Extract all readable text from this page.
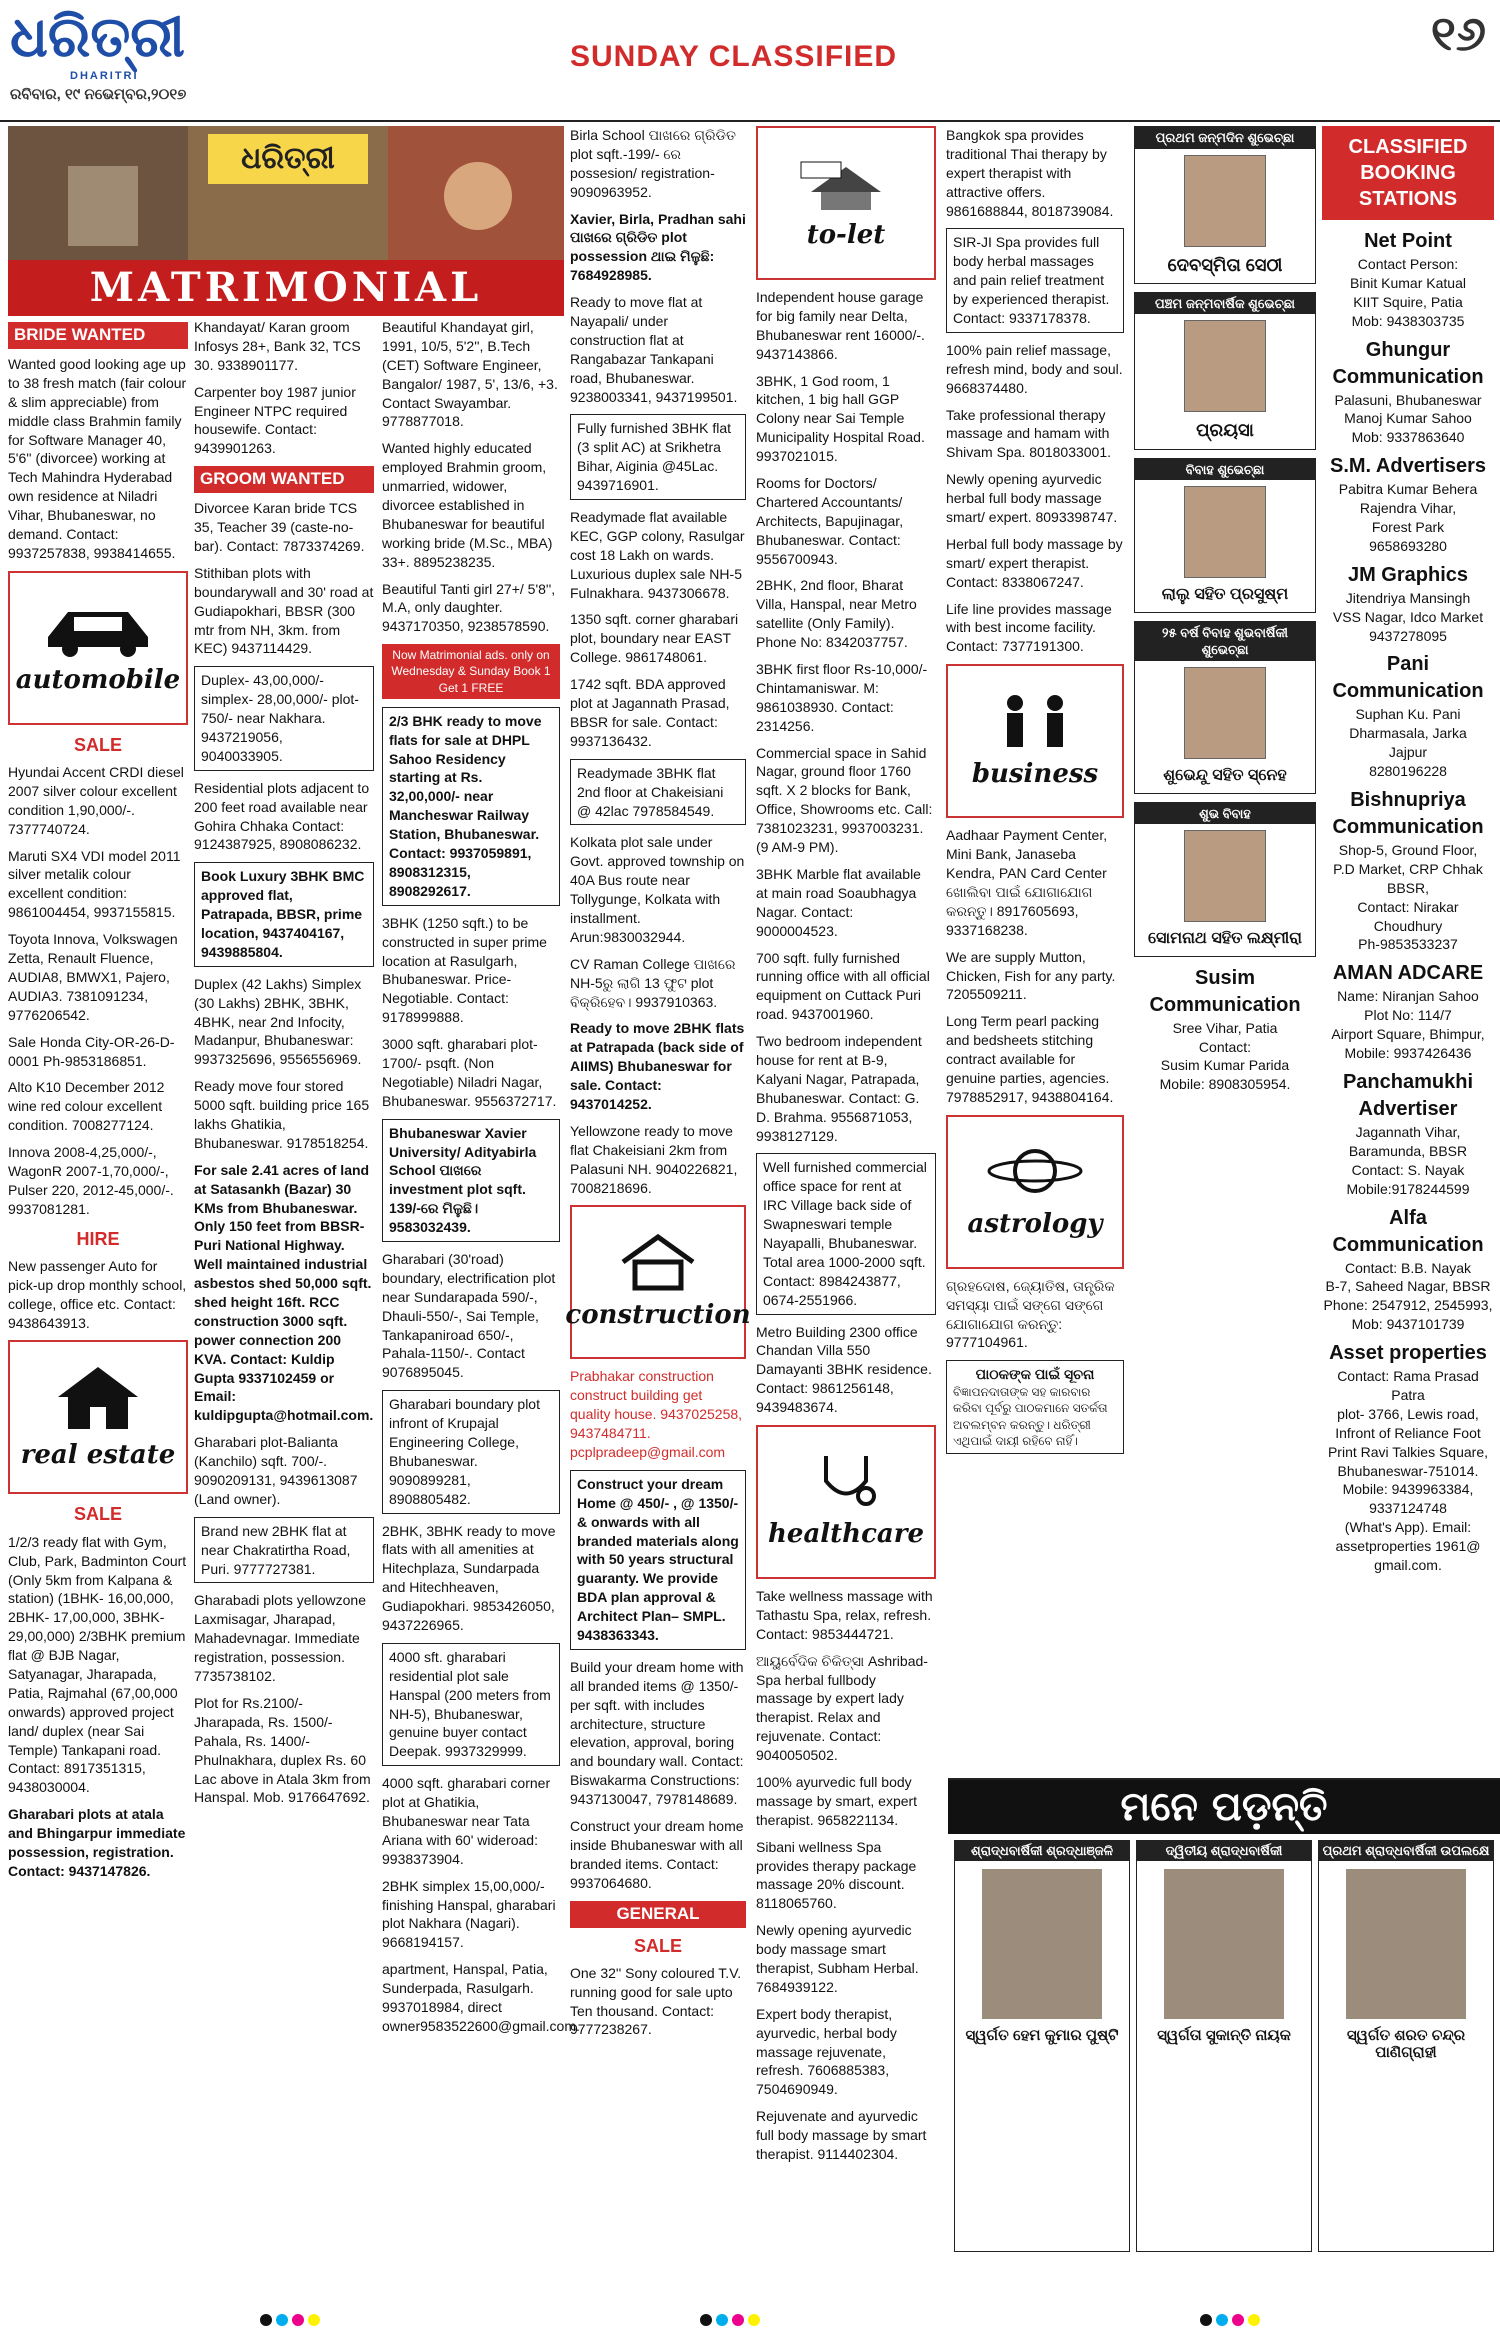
ଧରିତ୍ରୀ
DHARITRI
ରବିବାର, ୧୯ ନଭେମ୍ବର,୨୦୧୭
SUNDAY CLASSIFIED	୧୬
ଧରିତ୍ରୀ
MATRIMONIAL
BRIDE WANTED

Wanted good looking age up to 38 fresh match (fair colour & slim appreciable) from middle class Brahmin family for Software Manager 40, 5'6'' (divorcee) working at Tech Mahindra Hyderabad own residence at Niladri Vihar, Bhubaneswar, no demand. Contact: 9937257838, 9938414655.

automobile
SALE

Hyundai Accent CRDI diesel 2007 silver colour excellent condition 1,90,000/-. 7377740724.

Maruti SX4 VDI model 2011 silver metalik colour excellent condition: 9861004454, 9937155815.

Toyota Innova, Volkswagen Zetta, Renault Fluence, AUDIA8, BMWX1, Pajero, AUDIA3. 7381091234, 9776206542.

Sale Honda City-OR-26-D-0001 Ph-9853186851.

Alto K10 December 2012 wine red colour excellent condition. 7008277124.

Innova 2008-4,25,000/-, WagonR 2007-1,70,000/-, Pulser 220, 2012-45,000/-. 9937081281.

HIRE

New passenger Auto for pick-up drop monthly school, college, office etc. Contact: 9438643913.

real estate
SALE

1/2/3 ready flat with Gym, Club, Park, Badminton Court (Only 5km from Kalpana & station) (1BHK- 16,00,000, 2BHK- 17,00,000, 3BHK- 29,00,000) 2/3BHK premium flat @ BJB Nagar, Satyanagar, Jharapada, Patia, Rajmahal (67,00,000 onwards) approved project land/ duplex (near Sai Temple) Tankapani road. Contact: 8917351315, 9438030004.

Gharabari plots at atala and Bhingarpur immediate possession, registration. Contact: 9437147826.

Khandayat/ Karan groom Infosys 28+, Bank 32, TCS 30. 9338901177.

Carpenter boy 1987 junior Engineer NTPC required housewife. Contact: 9439901263.

GROOM WANTED

Divorcee Karan bride TCS 35, Teacher 39 (caste-no-bar). Contact: 7873374269.

Stithiban plots with boundarywall and 30' road at Gudiapokhari, BBSR (300 mtr from NH, 3km. from KEC) 9437114429.

Duplex- 43,00,000/- simplex- 28,00,000/- plot-750/- near Nakhara. 9437219056, 9040033905.

Residential plots adjacent to 200 feet road available near Gohira Chhaka Contact: 9124387925, 8908086232.

Book Luxury 3BHK BMC approved flat, Patrapada, BBSR, prime location, 9437404167, 9439885804.

Duplex (42 Lakhs) Simplex (30 Lakhs) 2BHK, 3BHK, 4BHK, near 2nd Infocity, Madanpur, Bhubaneswar: 9937325696, 9556556969.

Ready move four stored 5000 sqft. building price 165 lakhs Ghatikia, Bhubaneswar. 9178518254.

For sale 2.41 acres of land at Satasankh (Bazar) 30 KMs from Bhubaneswar. Only 150 feet from BBSR-Puri National Highway. Well maintained industrial asbestos shed 50,000 sqft. shed height 16ft. RCC construction 3000 sqft. power connection 200 KVA. Contact: Kuldip Gupta 9337102459 or Email: kuldipgupta@hotmail.com.

Gharabari plot-Balianta (Kanchilo) sqft. 700/-. 9090209131, 9439613087 (Land owner).

Brand new 2BHK flat at near Chakratirtha Road, Puri. 9777727381.

Gharabadi plots yellowzone Laxmisagar, Jharapad, Mahadevnagar. Immediate registration, possession. 7735738102.

Plot for Rs.2100/- Jharapada, Rs. 1500/- Pahala, Rs. 1400/- Phulnakhara, duplex Rs. 60 Lac above in Atala 3km from Hanspal. Mob. 9176647692.

Beautiful Khandayat girl, 1991, 10/5, 5'2'', B.Tech (CET) Software Engineer, Bangalor/ 1987, 5', 13/6, +3. Contact Swayambar. 9778877018.

Wanted highly educated employed Brahmin groom, unmarried, widower, divorcee established in Bhubaneswar for beautiful working bride (M.Sc., MBA) 33+. 8895238235.

Beautiful Tanti girl 27+/ 5'8'', M.A, only daughter. 9437170350, 9238578590.

Now Matrimonial ads. only on Wednesday & Sunday Book 1 Get 1 FREE
2/3 BHK ready to move flats for sale at DHPL Sahoo Residency starting at Rs. 32,00,000/- near Mancheswar Railway Station, Bhubaneswar. Contact: 9937059891, 8908312315, 8908292617.

3BHK (1250 sqft.) to be constructed in super prime location at Rasulgarh, Bhubaneswar. Price-Negotiable. Contact: 9178999888.

3000 sqft. gharabari plot- 1700/- psqft. (Non Negotiable) Niladri Nagar, Bhubaneswar. 9556372717.

Bhubaneswar Xavier University/ Adityabirla School ପାଖରେ investment plot sqft. 139/-ରେ ମିଳୁଛି। 9583032439.

Gharabari (30'road) boundary, electrification plot near Sundarapada 590/-, Dhauli-550/-, Sai Temple, Tankapaniroad 650/-, Pahala-1150/-. Contact 9076895045.

Gharabari boundary plot infront of Krupajal Engineering College, Bhubaneswar. 9090899281, 8908805482.

2BHK, 3BHK ready to move flats with all amenities at Hitechplaza, Sundarpada and Hitechheaven, Gudiapokhari. 9853426050, 9437226965.

4000 sft. gharabari residential plot sale Hanspal (200 meters from NH-5), Bhubaneswar, genuine buyer contact Deepak. 9937329999.

4000 sqft. gharabari corner plot at Ghatikia, Bhubaneswar near Tata Ariana with 60' wideroad: 9938373904.

2BHK simplex 15,00,000/- finishing Hanspal, gharabari plot Nakhara (Nagari). 9668194157.

apartment, Hanspal, Patia, Sunderpada, Rasulgarh. 9937018984, direct owner9583522600@gmail.com.

Birla School ପାଖରେ ଗ୍ରିଡିତ plot sqft.-199/- ରେ possesion/ registration- 9090963952.

Xavier, Birla, Pradhan sahi ପାଖରେ ଗ୍ରିଡିତ plot possession ଥାଇ ମିଳୁଛି: 7684928985.

Ready to move flat at Nayapali/ under construction flat at Rangabazar Tankapani road, Bhubaneswar. 9238003341, 9437199501.

Fully furnished 3BHK flat (3 split AC) at Srikhetra Bihar, Aiginia @45Lac. 9439716901.

Readymade flat available KEC, GGP colony, Rasulgar cost 18 Lakh on wards. Luxurious duplex sale NH-5 Fulnakhara. 9437306678.

1350 sqft. corner gharabari plot, boundary near EAST College. 9861748061.

1742 sqft. BDA approved plot at Jagannath Prasad, BBSR for sale. Contact: 9937136432.

Readymade 3BHK flat 2nd floor at Chakeisiani @ 42lac 7978584549.

Kolkata plot sale under Govt. approved township on 40A Bus route near Tollygunge, Kolkata with installment. Arun:9830032944.

CV Raman College ପାଖରେ NH-5ରୁ ଲାଗି 13 ଫୁଟ plot ବିକ୍ରିହେବ। 9937910363.

Ready to move 2BHK flats at Patrapada (back side of AIIMS) Bhubaneswar for sale. Contact: 9437014252.

Yellowzone ready to move flat Chakeisiani 2km from Palasuni NH. 9040226821, 7008218696.

construction

Prabhakar construction construct building get quality house. 9437025258, 9437484711. pcplpradeep@gmail.com

Construct your dream Home @ 450/- , @ 1350/- & onwards with all branded materials along with 50 years structural guaranty. We provide BDA plan approval & Architect Plan– SMPL. 9438363343.

Build your dream home with all branded items @ 1350/- per sqft. with includes architecture, structure elevation, approval, boring and boundary wall. Contact: Biswakarma Constructions: 9437130047, 7978148689.

Construct your dream home inside Bhubaneswar with all branded items. Contact: 9937064680.

GENERAL
SALE

One 32'' Sony coloured T.V. running good for sale upto Ten thousand. Contact: 9777238267.

to-let

Independent house garage for big family near Delta, Bhubaneswar rent 16000/-. 9437143866.

3BHK, 1 God room, 1 kitchen, 1 big hall GGP Colony near Sai Temple Municipality Hospital Road. 9937021015.

Rooms for Doctors/ Chartered Accountants/ Architects, Bapujinagar, Bhubaneswar. Contact: 9556700943.

2BHK, 2nd floor, Bharat Villa, Hanspal, near Metro satellite (Only Family). Phone No: 8342037757.

3BHK first floor Rs-10,000/- Chintamaniswar. M: 9861038930. Contact: 2314256.

Commercial space in Sahid Nagar, ground floor 1760 sqft. X 2 blocks for Bank, Office, Showrooms etc. Call: 7381023231, 9937003231. (9 AM-9 PM).

3BHK Marble flat available at main road Soaubhagya Nagar. Contact: 9000004523.

700 sqft. fully furnished running office with all official equipment on Cuttack Puri road. 9437001960.

Two bedroom independent house for rent at B-9, Kalyani Nagar, Patrapada, Bhubaneswar. Contact: G. D. Brahma. 9556871053, 9938127129.

Well furnished commercial office space for rent at IRC Village back side of Swapneswari temple Nayapalli, Bhubaneswar. Total area 1000-2000 sqft. Contact: 8984243877, 0674-2551966.

Metro Building 2300 office Chandan Villa 550 Damayanti 3BHK residence. Contact: 9861256148, 9439483674.

healthcare

Take wellness massage with Tathastu Spa, relax, refresh. Contact: 9853444721.

ଆୟୁର୍ବେଦିକ ଚିକିତ୍ସା Ashribad-Spa herbal fullbody massage by expert lady therapist. Relax and rejuvenate. Contact: 9040050502.

100% ayurvedic full body massage by smart, expert therapist. 9658221134.

Sibani wellness Spa provides therapy package massage 20% discount. 8118065760.

Newly opening ayurvedic body massage smart therapist, Subham Herbal. 7684939122.

Expert body therapist, ayurvedic, herbal body massage rejuvenate, refresh. 7606885383, 7504690949.

Rejuvenate and ayurvedic full body massage by smart therapist. 9114402304.

Bangkok spa provides traditional Thai therapy by expert therapist with attractive offers. 9861688844, 8018739084.

SIR-JI Spa provides full body herbal massages and pain relief treatment by experienced therapist. Contact: 9337178378.

100% pain relief massage, refresh mind, body and soul. 9668374480.

Take professional therapy massage and hamam with Shivam Spa. 8018033001.

Newly opening ayurvedic herbal full body massage smart/ expert. 8093398747.

Herbal full body massage by smart/ expert therapist. Contact: 8338067247.

Life line provides massage with best income facility. Contact: 7377191300.

business

Aadhaar Payment Center, Mini Bank, Janaseba Kendra, PAN Card Center ଖୋଲିବା ପାଇଁ ଯୋଗାଯୋଗ କରନ୍ତୁ। 8917605693, 9337168238.

We are supply Mutton, Chicken, Fish for any party. 7205509211.

Long Term pearl packing and bedsheets stitching contract available for genuine parties, agencies. 7978852917, 9438804164.

astrology

ଗ୍ରହଦୋଷ, ଜ୍ୟୋତିଷ, ତାନ୍ତ୍ରିକ ସମସ୍ୟା ପାଇଁ ସଙ୍ଗେ ସଙ୍ଗେ ଯୋଗାଯୋଗ କରନ୍ତୁ: 9777104961.

ପାଠକଙ୍କ ପାଇଁ ସୂଚନା
ବିଜ୍ଞାପନଦାତାଙ୍କ ସହ କାରବାର କରିବା ପୂର୍ବରୁ ପାଠକମାନେ ସତର୍କତା ଅବଲମ୍ବନ କରନ୍ତୁ। ଧରିତ୍ରୀ ଏଥିପାଇଁ ଦାୟୀ ରହିବେ ନାହିଁ।
ପ୍ରଥମ ଜନ୍ମଦିନ ଶୁଭେଚ୍ଛା
ଦେବସ୍ମିତା ସେଠୀ
ପଞ୍ଚମ ଜନ୍ମବାର୍ଷିକ ଶୁଭେଚ୍ଛା
ପ୍ରୟସା
ବିବାହ ଶୁଭେଚ୍ଛା
ଲାଲୁ ସହିତ ପ୍ରସୁଷ୍ମ
୨୫ ବର୍ଷ ବିବାହ ଶୁଭବାର୍ଷିକୀ ଶୁଭେଚ୍ଛା
ଶୁଭେନ୍ଦୁ ସହିତ ସ୍ନେହ
ଶୁଭ ବିବାହ
ସୋମନାଥ ସହିତ ଲକ୍ଷ୍ମୀରା
Susim Communication
Sree Vihar, Patia
Contact:
Susim Kumar Parida
Mobile: 8908305954.
CLASSIFIED BOOKING STATIONS
Net Point
Contact Person:
Binit Kumar Katual
KIIT Squire, Patia
Mob: 9438303735
Ghungur Communication
Palasuni, Bhubaneswar
Manoj Kumar Sahoo
Mob: 9337863640
S.M. Advertisers
Pabitra Kumar Behera
Rajendra Vihar,
Forest Park
9658693280
JM Graphics
Jitendriya Mansingh
VSS Nagar, Idco Market
9437278095
Pani Communication
Suphan Ku. Pani
Dharmasala, Jarka
Jajpur
8280196228
Bishnupriya Communication
Shop-5, Ground Floor,
P.D Market, CRP Chhak
BBSR,
Contact: Nirakar Choudhury
Ph-9853533237
AMAN ADCARE
Name: Niranjan Sahoo
Plot No: 114/7
Airport Square, Bhimpur,
Mobile: 9937426436
Panchamukhi Advertiser
Jagannath Vihar,
Baramunda, BBSR
Contact: S. Nayak
Mobile:9178244599
Alfa Communication
Contact: B.B. Nayak
B-7, Saheed Nagar, BBSR
Phone: 2547912, 2545993,
Mob: 9437101739
Asset properties
Contact: Rama Prasad Patra
plot- 3766, Lewis road,
Infront of Reliance Foot
Print Ravi Talkies Square,
Bhubaneswar-751014.
Mobile: 9439963384,
9337124748
(What's App). Email:
assetproperties 1961@
gmail.com.
ମନେ ପଡ଼ନ୍ତି
ଶ୍ରାଦ୍ଧବାର୍ଷିକୀ ଶ୍ରଦ୍ଧାଞ୍ଜଳି
ସ୍ୱର୍ଗତ ହେମ କୁମାର ପୁଷ୍ଟି
ଦ୍ୱିତୀୟ ଶ୍ରାଦ୍ଧବାର୍ଷିକୀ
ସ୍ୱର୍ଗତା ସୁକାନ୍ତି ନାୟକ
ପ୍ରଥମ ଶ୍ରାଦ୍ଧବାର୍ଷିକୀ ଉପଲକ୍ଷେ
ସ୍ୱର୍ଗତ ଶରତ ଚନ୍ଦ୍ର ପାଣିଗ୍ରାହୀ
